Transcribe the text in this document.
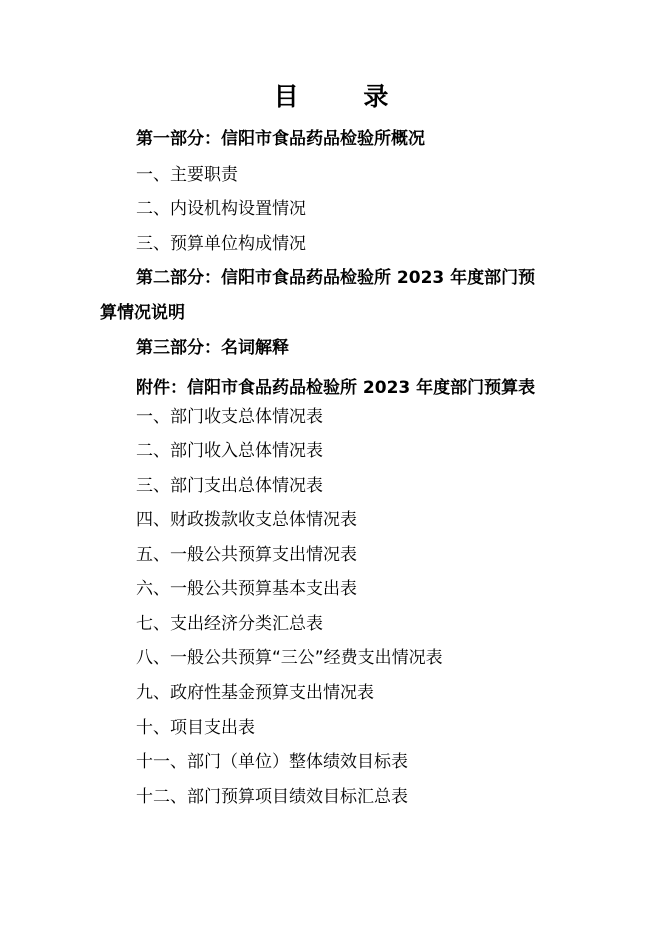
目 录
第一部分：信阳市食品药品检验所概况
一、主要职责
二、内设机构设置情况
三、预算单位构成情况
第二部分：信阳市食品药品检验所 2023 年度部门预
算情况说明
第三部分：名词解释
附件：信阳市食品药品检验所 2023 年度部门预算表
一、部门收支总体情况表
二、部门收入总体情况表
三、部门支出总体情况表
四、财政拨款收支总体情况表
五、一般公共预算支出情况表
六、一般公共预算基本支出表
七、支出经济分类汇总表
八、一般公共预算“三公”经费支出情况表
九、政府性基金预算支出情况表
十、项目支出表
十一、部门（单位）整体绩效目标表
十二、部门预算项目绩效目标汇总表
